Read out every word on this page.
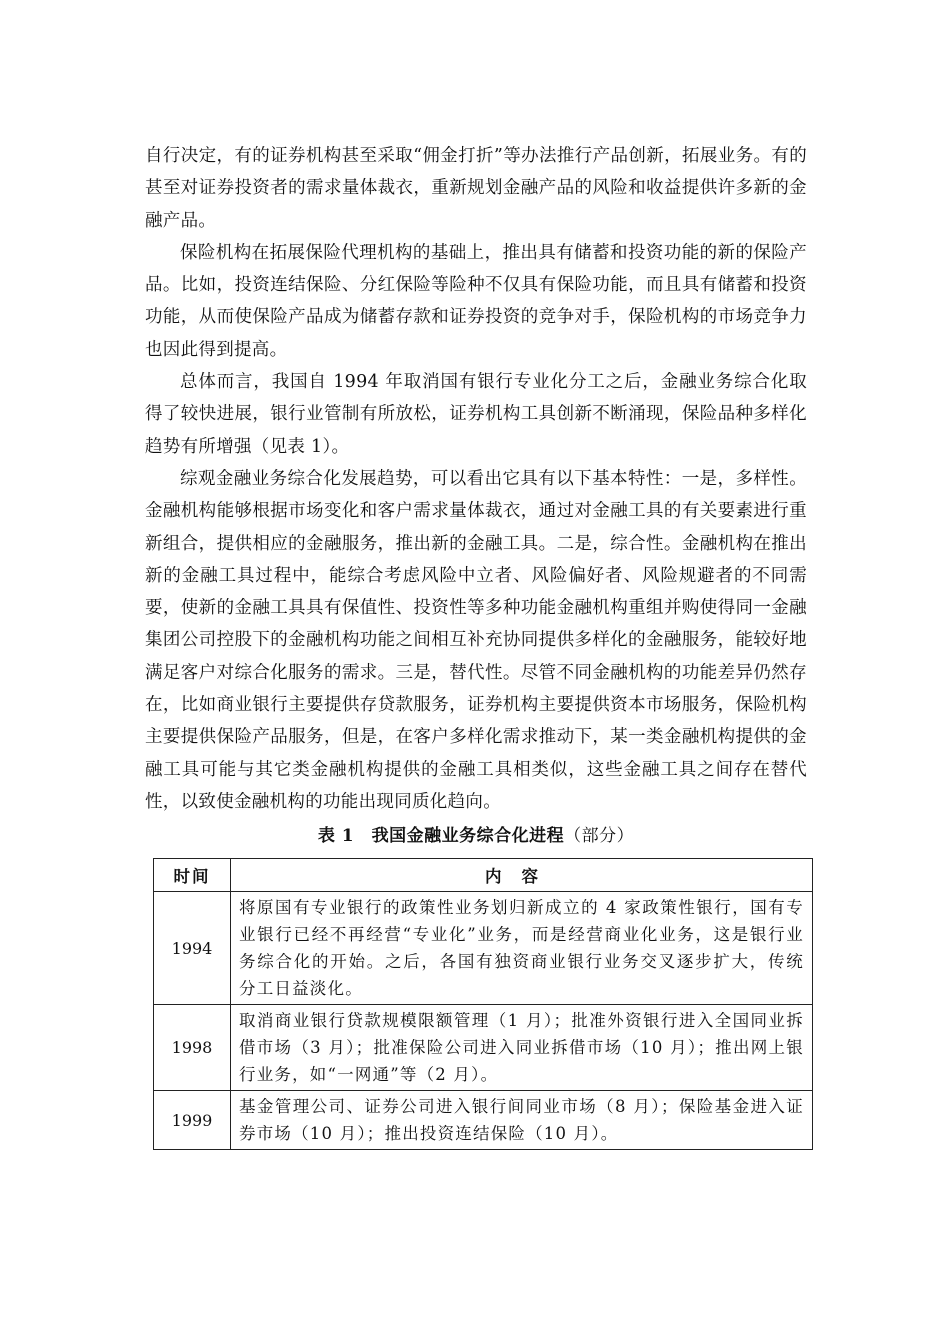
自行决定，有的证券机构甚至采取“佣金打折”等办法推行产品创新，拓展业务。有的甚至对证券投资者的需求量体裁衣，重新规划金融产品的风险和收益提供许多新的金融产品。

保险机构在拓展保险代理机构的基础上，推出具有储蓄和投资功能的新的保险产品。比如，投资连结保险、分红保险等险种不仅具有保险功能，而且具有储蓄和投资功能，从而使保险产品成为储蓄存款和证券投资的竞争对手，保险机构的市场竞争力也因此得到提高。

总体而言，我国自 1994 年取消国有银行专业化分工之后，金融业务综合化取得了较快进展，银行业管制有所放松，证券机构工具创新不断涌现，保险品种多样化趋势有所增强（见表 1）。

综观金融业务综合化发展趋势，可以看出它具有以下基本特性：一是，多样性。金融机构能够根据市场变化和客户需求量体裁衣，通过对金融工具的有关要素进行重新组合，提供相应的金融服务，推出新的金融工具。二是，综合性。金融机构在推出新的金融工具过程中，能综合考虑风险中立者、风险偏好者、风险规避者的不同需要，使新的金融工具具有保值性、投资性等多种功能金融机构重组并购使得同一金融集团公司控股下的金融机构功能之间相互补充协同提供多样化的金融服务，能较好地满足客户对综合化服务的需求。三是，替代性。尽管不同金融机构的功能差异仍然存在，比如商业银行主要提供存贷款服务，证券机构主要提供资本市场服务，保险机构主要提供保险产品服务，但是，在客户多样化需求推动下，某一类金融机构提供的金融工具可能与其它类金融机构提供的金融工具相类似，这些金融工具之间存在替代性，以致使金融机构的功能出现同质化趋向。

表 1　我国金融业务综合化进程（部分）
时间	内容
1994	将原国有专业银行的政策性业务划归新成立的 4 家政策性银行，国有专业银行已经不再经营“专业化”业务，而是经营商业化业务，这是银行业务综合化的开始。之后，各国有独资商业银行业务交叉逐步扩大，传统分工日益淡化。
1998	取消商业银行贷款规模限额管理（1 月）；批准外资银行进入全国同业拆借市场（3 月）；批准保险公司进入同业拆借市场（10 月）；推出网上银行业务，如“一网通”等（2 月）。
1999	基金管理公司、证券公司进入银行间同业市场（8 月）；保险基金进入证券市场（10 月）；推出投资连结保险（10 月）。
